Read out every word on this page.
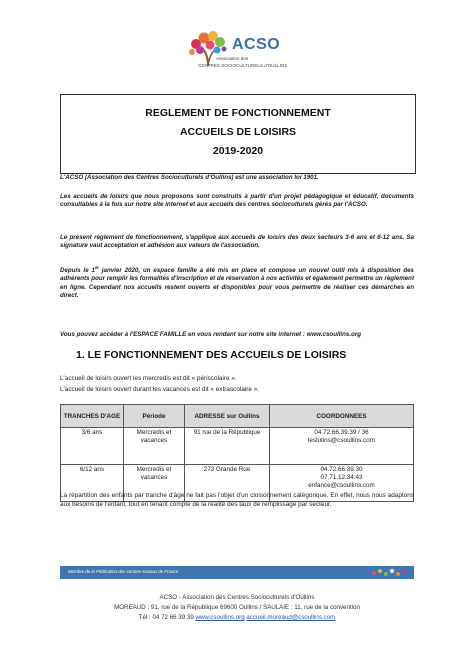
ACSO
Association des
CENTRES SOCIOCULTURELS d'OULLINS
REGLEMENT DE FONCTIONNEMENT
ACCUEILS DE LOISIRS
2019-2020
L'ACSO (Association des Centres Socioculturels d'Oullins) est une association loi 1901.
Les accueils de loisirs que nous proposons sont construits à partir d'un projet pédagogique et éducatif, documents consultables à la fois sur notre site internet et aux accueils des centres socioculturels gérés par l'ACSO.
Le présent règlement de fonctionnement, s'applique aux accueils de loisirs des deux secteurs 3-6 ans et 6-12 ans. Sa signature vaut acceptation et adhésion aux valeurs de l'association.
Depuis le 1er janvier 2020, un espace famille a été mis en place et compose un nouvel outil mis à disposition des adhérents pour remplir les formalités d'inscription et de réservation à nos activités et également permettre un règlement en ligne. Cependant nos accueils restent ouverts et disponibles pour vous permettre de réaliser ces démarches en direct.
Vous pouvez accéder à l'ESPACE FAMILLE en vous rendant sur notre site internet : www.csoullins.org
1. LE FONCTIONNEMENT DES ACCUEILS DE LOISIRS
L'accueil de loisirs ouvert les mercredis est dit « périscolaire ».
L'accueil de loisirs ouvert durant les vacances est dit « extrascolaire ».
TRANCHES D'AGE	Période	ADRESSE sur Oullins	COORDONNEES
3/6 ans	Mercredis et vacances	91 rue de la République	04.72.66.39.39 / 36
leslutins@csoullins.com

6/12 ans	Mercredis et vacances	273 Grande Rue	04.72.66.39.30
07.71.12.34.43
enfance@csoullins.com
La répartition des enfants par tranche d'âge ne fait pas l'objet d'un cloisonnement catégorique. En effet, nous nous adaptons aux besoins de l'enfant, tout en tenant compte de la réalité des taux de remplissage par secteur.
Membre de la Fédération des centres sociaux de France
ACSO - Association des Centres Socioculturels d'Oullins
MOREAUD : 91, rue de la République 69600 Oullins / SAULAIE : 11, rue de la convention
Tél : 04 72 66 39 39 www.csoullins.org accueil.moreaud@csoullins.com
